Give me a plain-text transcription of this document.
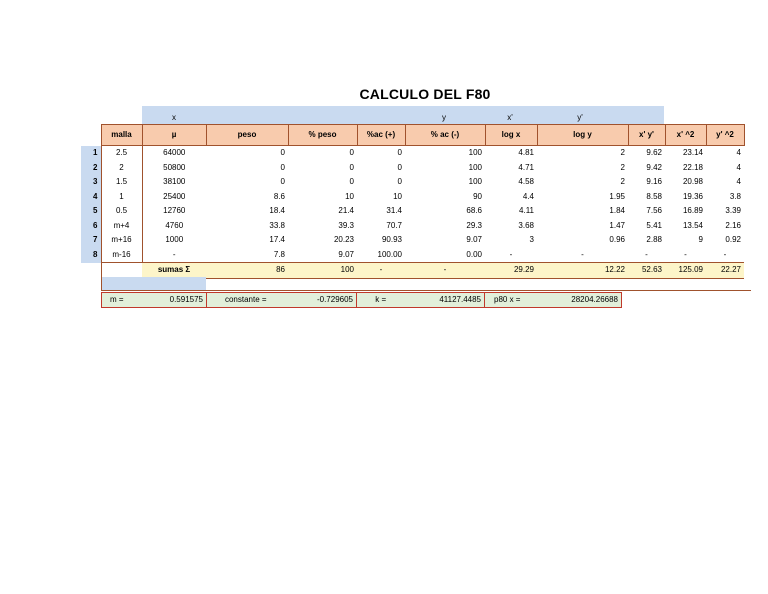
CALCULO DEL F80
x	y	x'	y'
	malla	µ	peso	% peso	%ac (+)	% ac (-)	log x	log y	x' y'	x' ^2	y' ^2
1	2.5	64000	0	0	0	100	4.81	2	9.62	23.14	4
2	2	50800	0	0	0	100	4.71	2	9.42	22.18	4
3	1.5	38100	0	0	0	100	4.58	2	9.16	20.98	4
4	1	25400	8.6	10	10	90	4.4	1.95	8.58	19.36	3.8
5	0.5	12760	18.4	21.4	31.4	68.6	4.11	1.84	7.56	16.89	3.39
6	m+4	4760	33.8	39.3	70.7	29.3	3.68	1.47	5.41	13.54	2.16
7	m+16	1000	17.4	20.23	90.93	9.07	3	0.96	2.88	9	0.92
8	m-16	-	7.8	9.07	100.00	0.00	-	-	-	-	-
		sumas Σ	86	100	-	-	29.29	12.22	52.63	125.09	22.27
m =	0.591575	constante =	-0.729605	k =	41127.4485	p80 x =	28204.26688
